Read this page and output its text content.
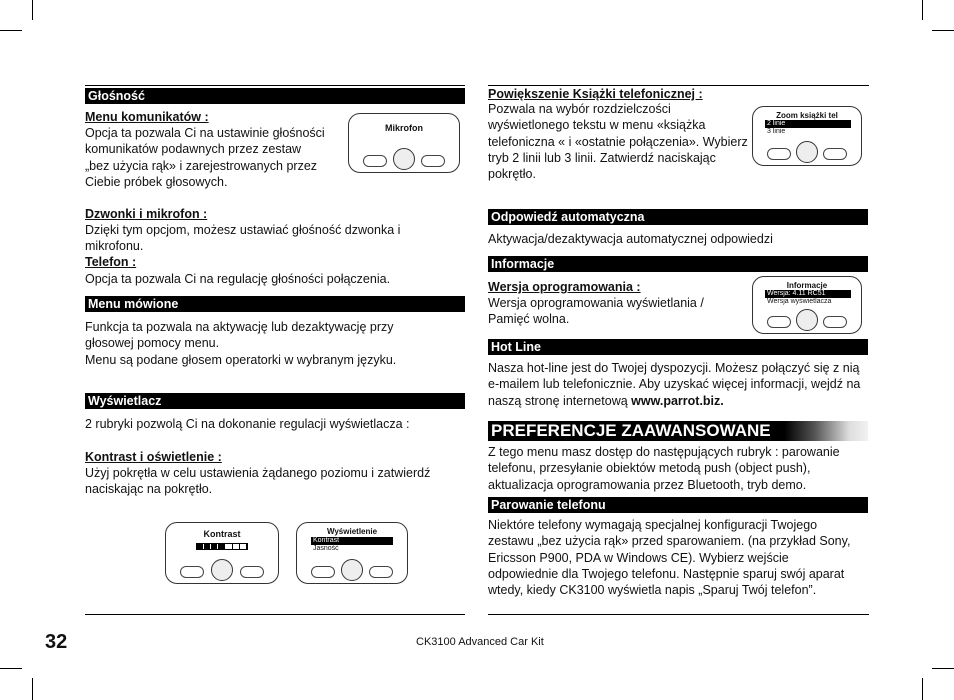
Głośność
Menu komunikatów :

Opcja ta pozwala Ci na ustawinie głośności komunikatów podawnych przez zestaw „bez użycia rąk» i zarejestrowanych przez Ciebie próbek głosowych.

Mikrofon
Dzwonki i mikrofon :

Dzięki tym opcjom, możesz ustawiać głośność dzwonka i mikrofonu.

Telefon :

Opcja ta pozwala Ci na regulację głośności połączenia.

Menu mówione

Funkcja ta pozwala na aktywację lub dezaktywację przy głosowej pomocy menu.

Menu są podane głosem operatorki w wybranym języku.

Wyświetlacz

2 rubryki pozwolą Ci na dokonanie regulacji wyświetlacza :

Kontrast i oświetlenie :

Użyj pokrętła w celu ustawienia żądanego poziomu i zatwierdź naciskając na pokrętło.

Kontrast	Wyświetlenie
Kontrast
Jasność
Powiększenie Książki telefonicznej :

Pozwala na wybór rozdzielczości wyświetlonego tekstu w menu «książka telefoniczna « i «ostatnie połączenia». Wybierz tryb 2 linii lub 3 linii. Zatwierdź naciskając pokrętło.

Zoom książki tel
2 linie
3 linie
Odpowiedź automatyczna

Aktywacja/dezaktywacja automatycznej odpowiedzi

Informacje
Wersja oprogramowania :

Wersja oprogramowania wyświetlania / Pamięć wolna.

Informacje
Wersja: 4.11 RC51
Wersja wyświetlacza
Hot Line

Nasza hot-line jest do Twojej dyspozycji. Możesz połączyć się z nią e-mailem lub telefonicznie. Aby uzyskać więcej informacji, wejdź na naszą stronę internetową www.parrot.biz.

PREFERENCJE ZAAWANSOWANE

Z tego menu masz dostęp do następujących rubryk : parowanie telefonu, przesyłanie obiektów metodą push (object push), aktualizacja oprogramowania przez Bluetooth, tryb demo.

Parowanie telefonu

Niektóre telefony wymagają specjalnej konfiguracji Twojego zestawu „bez użycia rąk» przed sparowaniem. (na przykład Sony, Ericsson P900, PDA w Windows CE). Wybierz wejście odpowiednie dla Twojego telefonu. Następnie sparuj swój aparat wtedy, kiedy CK3100 wyświetla napis „Sparuj Twój telefon”.

32	CK3100 Advanced Car Kit
